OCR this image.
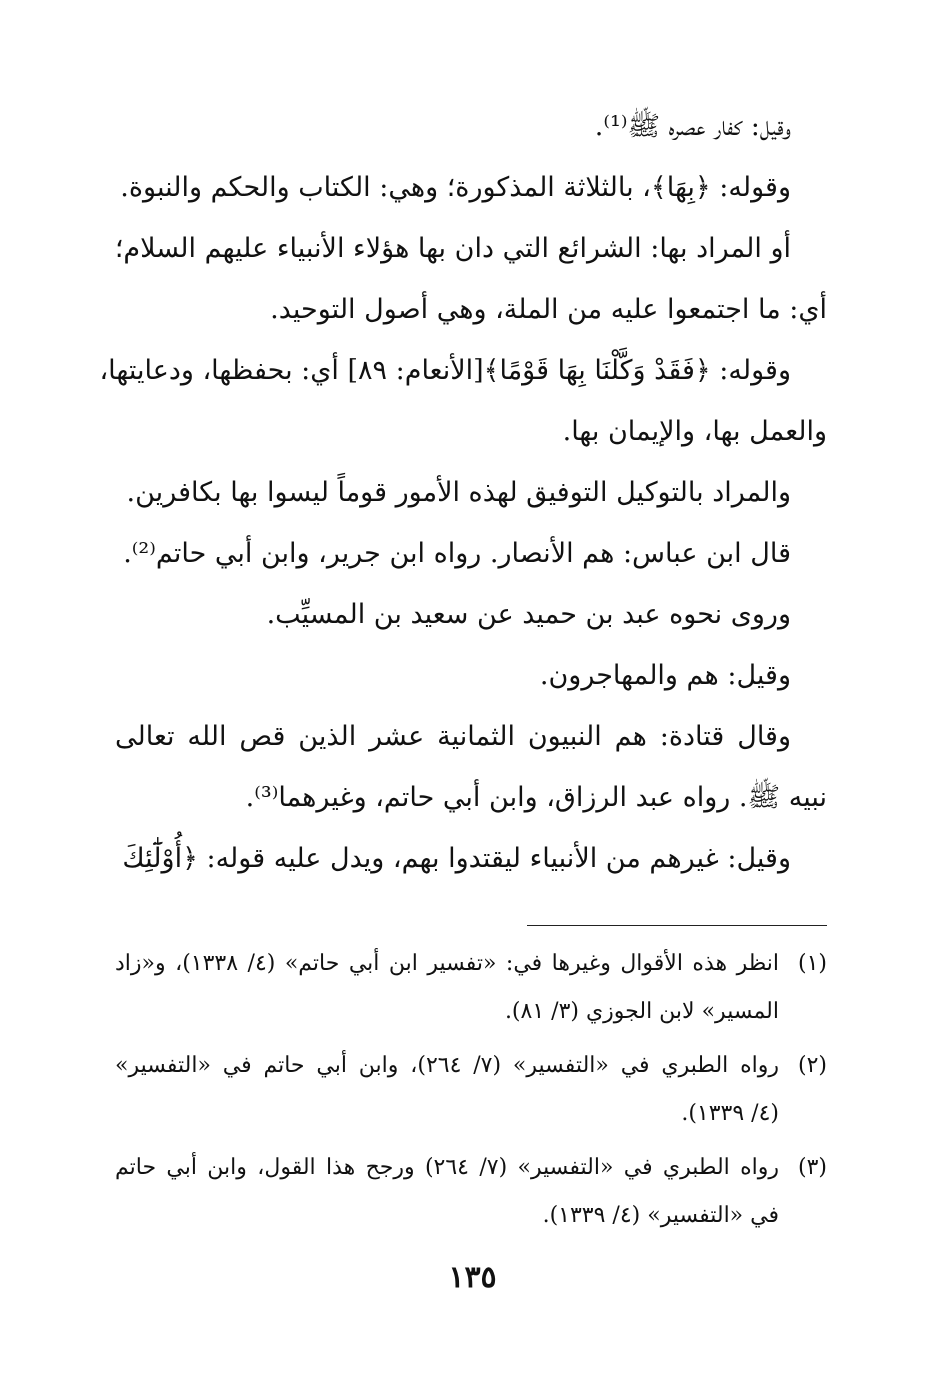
وقيل: كفار عصره ﷺ⁽¹⁾.
وقوله: ﴿بِهَا﴾، بالثلاثة المذكورة؛ وهي: الكتاب والحكم والنبوة.
أو المراد بها: الشرائع التي دان بها هؤلاء الأنبياء عليهم السلام؛
أي: ما اجتمعوا عليه من الملة، وهي أصول التوحيد.
وقوله: ﴿فَقَدْ وَكَّلْنَا بِهَا قَوْمًا﴾[الأنعام: ٨٩] أي: بحفظها، ودعايتها،
والعمل بها، والإيمان بها.
والمراد بالتوكيل التوفيق لهذه الأمور قوماً ليسوا بها بكافرين.
قال ابن عباس: هم الأنصار. رواه ابن جرير، وابن أبي حاتم⁽²⁾.
وروى نحوه عبد بن حميد عن سعيد بن المسيِّب.
وقيل: هم والمهاجرون.
وقال قتادة: هم النبيون الثمانية عشر الذين قص الله تعالى
نبيه ﷺ. رواه عبد الرزاق، وابن أبي حاتم، وغيرهما⁽³⁾.
وقيل: غيرهم من الأنبياء ليقتدوا بهم، ويدل عليه قوله: ﴿أُوْلَٰٓئِكَ
(١)
انظر هذه الأقوال وغيرها في: «تفسير ابن أبي حاتم» (٤/ ١٣٣٨)، و«زاد
المسير» لابن الجوزي (٣/ ٨١).
(٢)
رواه الطبري في «التفسير» (٧/ ٢٦٤)، وابن أبي حاتم في «التفسير»
(٤/ ١٣٣٩).
(٣)
رواه الطبري في «التفسير» (٧/ ٢٦٤) ورجح هذا القول، وابن أبي حاتم
في «التفسير» (٤/ ١٣٣٩).
١٣٥
